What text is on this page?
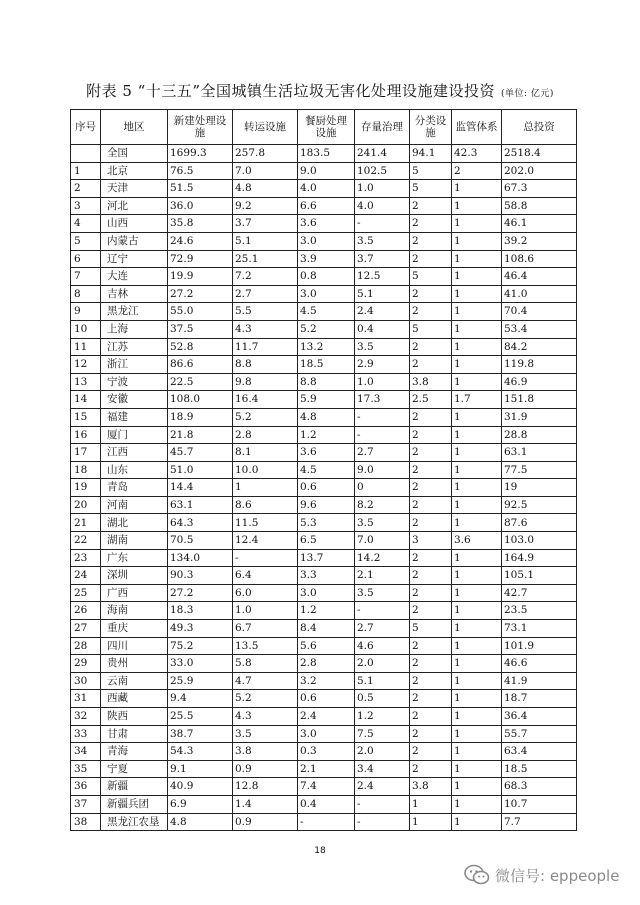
附表 5 “十三五”全国城镇生活垃圾无害化处理设施建设投资 (单位: 亿元)
序号	地区	新建处理设施	转运设施	餐厨处理设施	存量治理	分类设施	监管体系	总投资
	全国	1699.3	257.8	183.5	241.4	94.1	42.3	2518.4
1	北京	76.5	7.0	9.0	102.5	5	2	202.0
2	天津	51.5	4.8	4.0	1.0	5	1	67.3
3	河北	36.0	9.2	6.6	4.0	2	1	58.8
4	山西	35.8	3.7	3.6	-	2	1	46.1
5	内蒙古	24.6	5.1	3.0	3.5	2	1	39.2
6	辽宁	72.9	25.1	3.9	3.7	2	1	108.6
7	大连	19.9	7.2	0.8	12.5	5	1	46.4
8	吉林	27.2	2.7	3.0	5.1	2	1	41.0
9	黑龙江	55.0	5.5	4.5	2.4	2	1	70.4
10	上海	37.5	4.3	5.2	0.4	5	1	53.4
11	江苏	52.8	11.7	13.2	3.5	2	1	84.2
12	浙江	86.6	8.8	18.5	2.9	2	1	119.8
13	宁波	22.5	9.8	8.8	1.0	3.8	1	46.9
14	安徽	108.0	16.4	5.9	17.3	2.5	1.7	151.8
15	福建	18.9	5.2	4.8	-	2	1	31.9
16	厦门	21.8	2.8	1.2	-	2	1	28.8
17	江西	45.7	8.1	3.6	2.7	2	1	63.1
18	山东	51.0	10.0	4.5	9.0	2	1	77.5
19	青岛	14.4	1	0.6	0	2	1	19
20	河南	63.1	8.6	9.6	8.2	2	1	92.5
21	湖北	64.3	11.5	5.3	3.5	2	1	87.6
22	湖南	70.5	12.4	6.5	7.0	3	3.6	103.0
23	广东	134.0	-	13.7	14.2	2	1	164.9
24	深圳	90.3	6.4	3.3	2.1	2	1	105.1
25	广西	27.2	6.0	3.0	3.5	2	1	42.7
26	海南	18.3	1.0	1.2	-	2	1	23.5
27	重庆	49.3	6.7	8.4	2.7	5	1	73.1
28	四川	75.2	13.5	5.6	4.6	2	1	101.9
29	贵州	33.0	5.8	2.8	2.0	2	1	46.6
30	云南	25.9	4.7	3.2	5.1	2	1	41.9
31	西藏	9.4	5.2	0.6	0.5	2	1	18.7
32	陕西	25.5	4.3	2.4	1.2	2	1	36.4
33	甘肃	38.7	3.5	3.0	7.5	2	1	55.7
34	青海	54.3	3.8	0.3	2.0	2	1	63.4
35	宁夏	9.1	0.9	2.1	3.4	2	1	18.5
36	新疆	40.9	12.8	7.4	2.4	3.8	1	68.3
37	新疆兵团	6.9	1.4	0.4	-	1	1	10.7
38	黑龙江农垦	4.8	0.9	-	-	1	1	7.7
18
微信号: eppeople
